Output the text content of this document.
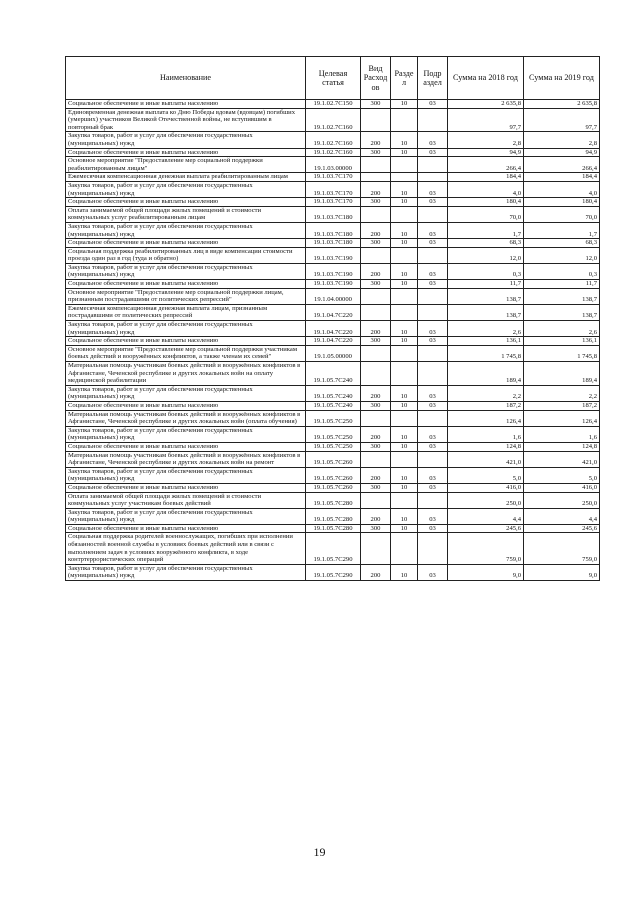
Наименование	Целевая статья	Вид Расход ов	Разде л	Подр аздел	Сумма на 2018 год	Сумма на 2019 год
Социальное обеспечение и иные выплаты населению	19.1.02.7С150	300	10	03	2 635,8	2 635,8
Единовременная денежная выплата ко Дню Победы вдовам (вдовцам) погибших (умерших) участников Великой Отечественной войны, не вступившим в повторный брак	19.1.02.7С160				97,7	97,7
Закупка товаров, работ и услуг для обеспечения государственных (муниципальных) нужд	19.1.02.7С160	200	10	03	2,8	2,8
Социальное обеспечение и иные выплаты населению	19.1.02.7С160	300	10	03	94,9	94,9
Основное мероприятие "Предоставление мер социальной поддержки реабилитированным лицам"	19.1.03.00000				266,4	266,4
Ежемесячная компенсационная денежная выплата реабилитированным лицам	19.1.03.7С170				184,4	184,4
Закупка товаров, работ и услуг для обеспечения государственных (муниципальных) нужд	19.1.03.7С170	200	10	03	4,0	4,0
Социальное обеспечение и иные выплаты населению	19.1.03.7С170	300	10	03	180,4	180,4
Оплата занимаемой общей площади жилых помещений и стоимости коммунальных услуг реабилитированным лицам	19.1.03.7С180				70,0	70,0
Закупка товаров, работ и услуг для обеспечения государственных (муниципальных) нужд	19.1.03.7С180	200	10	03	1,7	1,7
Социальное обеспечение и иные выплаты населению	19.1.03.7С180	300	10	03	68,3	68,3
Социальная поддержка реабилитированных лиц в виде компенсации стоимости проезда один раз в год (туда и обратно)	19.1.03.7С190				12,0	12,0
Закупка товаров, работ и услуг для обеспечения государственных (муниципальных) нужд	19.1.03.7С190	200	10	03	0,3	0,3
Социальное обеспечение и иные выплаты населению	19.1.03.7С190	300	10	03	11,7	11,7
Основное мероприятие "Предоставление мер социальной поддержки лицам, признанным пострадавшими от политических репрессий"	19.1.04.00000				138,7	138,7
Ежемесячная компенсационная денежная выплата лицам, признанным пострадавшими от политических репрессий	19.1.04.7С220				138,7	138,7
Закупка товаров, работ и услуг для обеспечения государственных (муниципальных) нужд	19.1.04.7С220	200	10	03	2,6	2,6
Социальное обеспечение и иные выплаты населению	19.1.04.7С220	300	10	03	136,1	136,1
Основное мероприятие "Предоставление мер социальной поддержки участникам боевых действий и вооружённых конфликтов, а также членам их семей"	19.1.05.00000				1 745,8	1 745,8
Материальная помощь участникам боевых действий и вооружённых конфликтов в Афганистане, Чеченской республике и других локальных войн на оплату медицинской реабилитации	19.1.05.7С240				189,4	189,4
Закупка товаров, работ и услуг для обеспечения государственных (муниципальных) нужд	19.1.05.7С240	200	10	03	2,2	2,2
Социальное обеспечение и иные выплаты населению	19.1.05.7С240	300	10	03	187,2	187,2
Материальная помощь участникам боевых действий и вооружённых конфликтов в Афганистане, Чеченской республике и других локальных войн (оплата обучения)	19.1.05.7С250				126,4	126,4
Закупка товаров, работ и услуг для обеспечения государственных (муниципальных) нужд	19.1.05.7С250	200	10	03	1,6	1,6
Социальное обеспечение и иные выплаты населению	19.1.05.7С250	300	10	03	124,8	124,8
Материальная помощь участникам боевых действий и вооружённых конфликтов в Афганистане, Чеченской республике и других локальных войн на ремонт	19.1.05.7С260				421,0	421,0
Закупка товаров, работ и услуг для обеспечения государственных (муниципальных) нужд	19.1.05.7С260	200	10	03	5,0	5,0
Социальное обеспечение и иные выплаты населению	19.1.05.7С260	300	10	03	416,0	416,0
Оплата занимаемой общей площади жилых помещений и стоимости коммунальных услуг участникам боевых действий	19.1.05.7С280				250,0	250,0
Закупка товаров, работ и услуг для обеспечения государственных (муниципальных) нужд	19.1.05.7С280	200	10	03	4,4	4,4
Социальное обеспечение и иные выплаты населению	19.1.05.7С280	300	10	03	245,6	245,6
Социальная поддержка родителей военнослужащих, погибших при исполнении обязанностей военной службы в условиях боевых действий или в связи с выполнением задач в условиях вооружённого конфликта, в ходе контртеррористических операций	19.1.05.7С290				759,0	759,0
Закупка товаров, работ и услуг для обеспечения государственных (муниципальных) нужд	19.1.05.7С290	200	10	03	9,0	9,0
19
